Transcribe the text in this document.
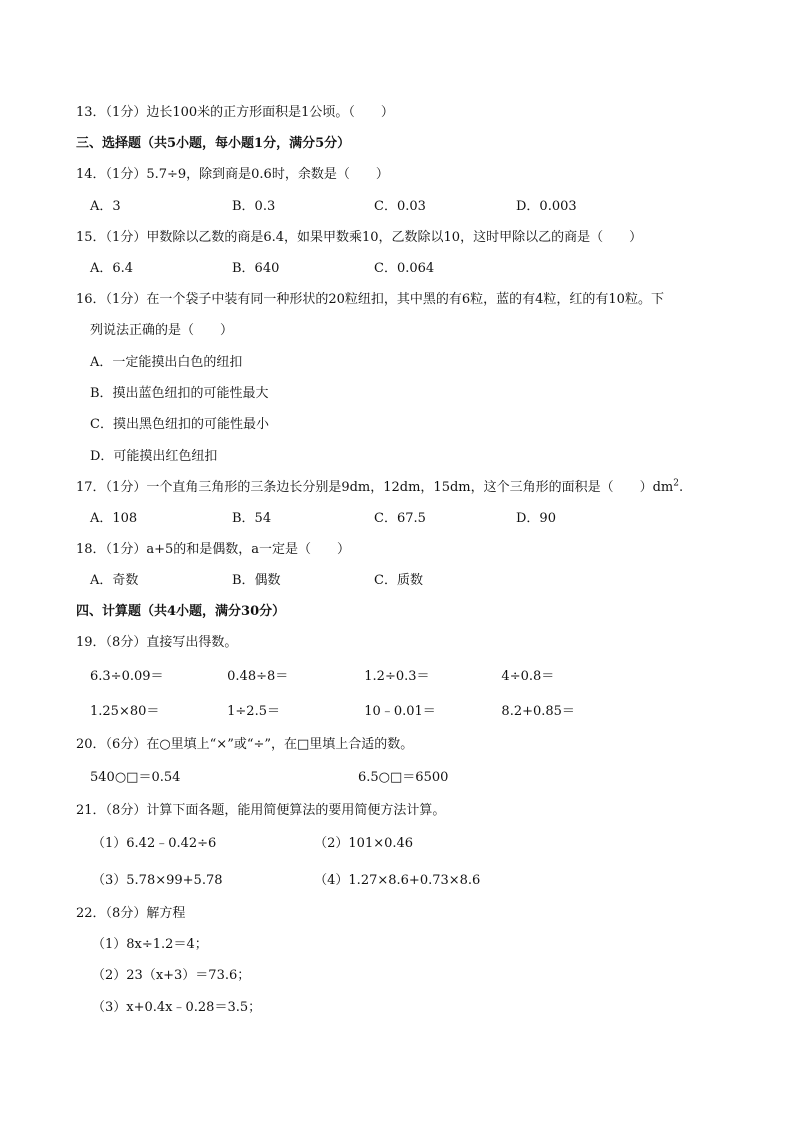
13．（1分）边长100米的正方形面积是1公顷。（　　）
三、选择题（共5小题，每小题1分，满分5分）
14．（1分）5.7÷9，除到商是0.6时，余数是（　　）
A．3	B．0.3	C．0.03	D．0.003
15．（1分）甲数除以乙数的商是6.4，如果甲数乘10，乙数除以10，这时甲除以乙的商是（　　）
A．6.4	B．640	C．0.064
16．（1分）在一个袋子中装有同一种形状的20粒纽扣，其中黑的有6粒，蓝的有4粒，红的有10粒。下
列说法正确的是（　　）
A．一定能摸出白色的纽扣
B．摸出蓝色纽扣的可能性最大
C．摸出黑色纽扣的可能性最小
D．可能摸出红色纽扣
17．（1分）一个直角三角形的三条边长分别是9dm，12dm，15dm，这个三角形的面积是（　　）$dm^2$.
A．108	B．54	C．67.5	D．90
18．（1分）a+5的和是偶数，a一定是（　　）
A．奇数	B．偶数	C．质数
四、计算题（共4小题，满分30分）
19．（8分）直接写出得数。
6.3÷0.09＝	0.48÷8＝	1.2÷0.3＝	4÷0.8＝
1.25×80＝	1÷2.5＝	10﹣0.01＝	8.2+0.85＝
20．（6分）在○里填上“×”或“÷”，在□里填上合适的数。
540○□＝0.54	6.5○□＝6500
21．（8分）计算下面各题，能用简便算法的要用简便方法计算。
（1）6.42﹣0.42÷6	（2）101×0.46
（3）5.78×99+5.78	（4）1.27×8.6+0.73×8.6
22．（8分）解方程
（1）8x÷1.2＝4；
（2）23（x+3）＝73.6；
（3）x+0.4x﹣0.28＝3.5；
